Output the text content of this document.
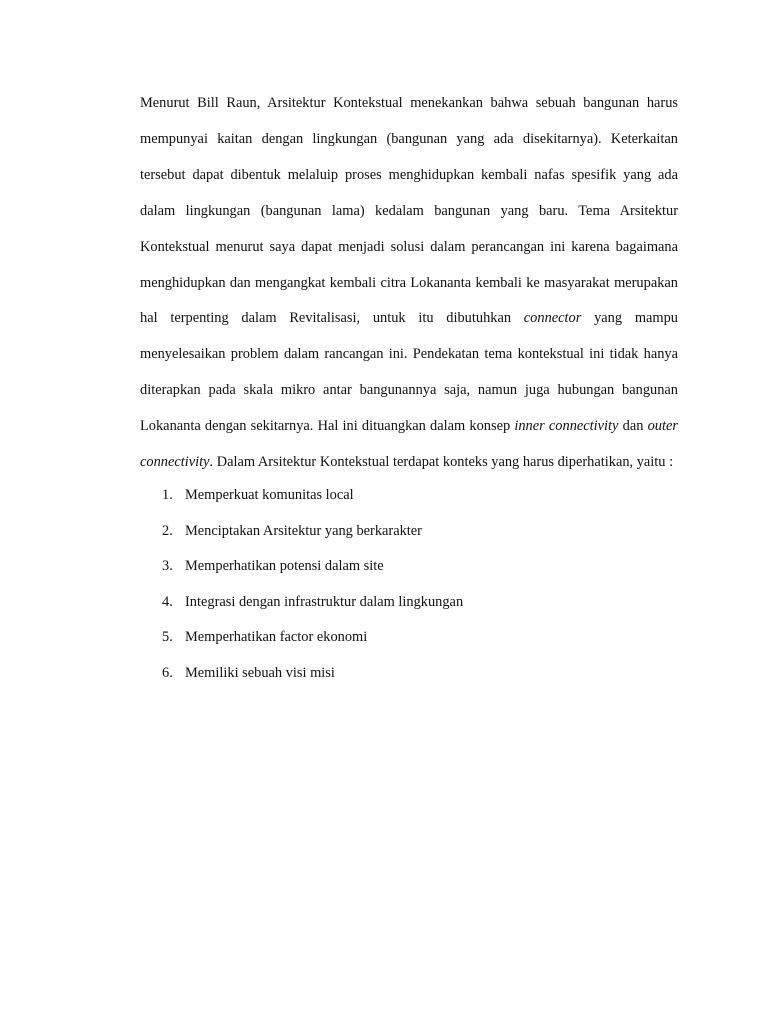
Menurut Bill Raun, Arsitektur Kontekstual menekankan bahwa sebuah bangunan harus mempunyai kaitan dengan lingkungan (bangunan yang ada disekitarnya). Keterkaitan tersebut dapat dibentuk melaluip proses menghidupkan kembali nafas spesifik yang ada dalam lingkungan (bangunan lama) kedalam bangunan yang baru. Tema Arsitektur Kontekstual menurut saya dapat menjadi solusi dalam perancangan ini karena bagaimana menghidupkan dan mengangkat kembali citra Lokananta kembali ke masyarakat merupakan hal terpenting dalam Revitalisasi, untuk itu dibutuhkan connector yang mampu menyelesaikan problem dalam rancangan ini. Pendekatan tema kontekstual ini tidak hanya diterapkan pada skala mikro antar bangunannya saja, namun juga hubungan bangunan Lokananta dengan sekitarnya. Hal ini dituangkan dalam konsep inner connectivity dan outer connectivity. Dalam Arsitektur Kontekstual terdapat konteks yang harus diperhatikan, yaitu :

1. Memperkuat komunitas local
2. Menciptakan Arsitektur yang berkarakter
3. Memperhatikan potensi dalam site
4. Integrasi dengan infrastruktur dalam lingkungan
5. Memperhatikan factor ekonomi
6. Memiliki sebuah visi misi
